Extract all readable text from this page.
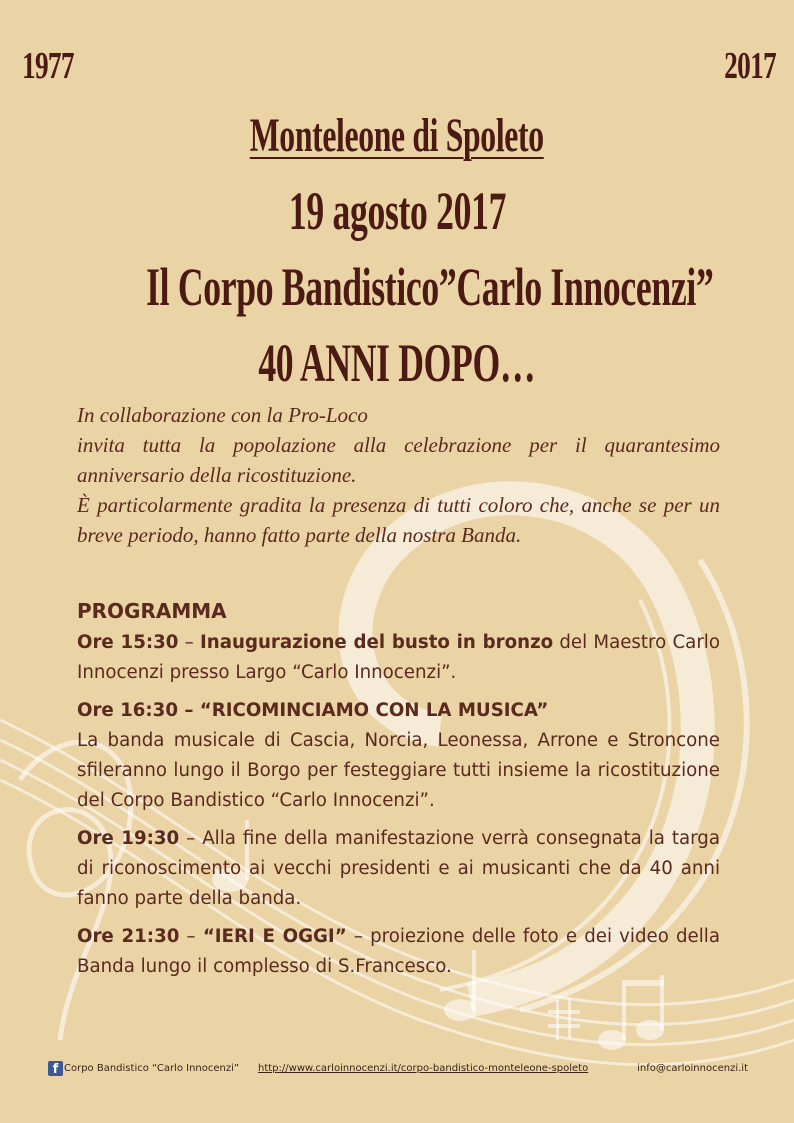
1977	2017
Monteleone di Spoleto
19 agosto 2017
Il Corpo Bandistico”Carlo Innocenzi”
40 ANNI DOPO…

In collaborazione con la Pro-Loco
invita tutta la popolazione alla celebrazione per il quarantesimo anniversario della ricostituzione.

È particolarmente gradita la presenza di tutti coloro che, anche se per un breve periodo, hanno fatto parte della nostra Banda.

PROGRAMMA

Ore 15:30 – Inaugurazione del busto in bronzo del Maestro Carlo Innocenzi presso Largo “Carlo Innocenzi”.

Ore 16:30 – “RICOMINCIAMO CON LA MUSICA”
La banda musicale di Cascia, Norcia, Leonessa, Arrone e Stroncone sfileranno lungo il Borgo per festeggiare tutti insieme la ricostituzione del Corpo Bandistico “Carlo Innocenzi”.

Ore 19:30 – Alla fine della manifestazione verrà consegnata la targa di riconoscimento ai vecchi presidenti e ai musicanti che da 40 anni fanno parte della banda.

Ore 21:30 – “IERI E OGGI” – proiezione delle foto e dei video della Banda lungo il complesso di S.Francesco.

f Corpo Bandistico “Carlo Innocenzi” http://www.carloinnocenzi.it/corpo-bandistico-monteleone-spoleto	info@carloinnocenzi.it
